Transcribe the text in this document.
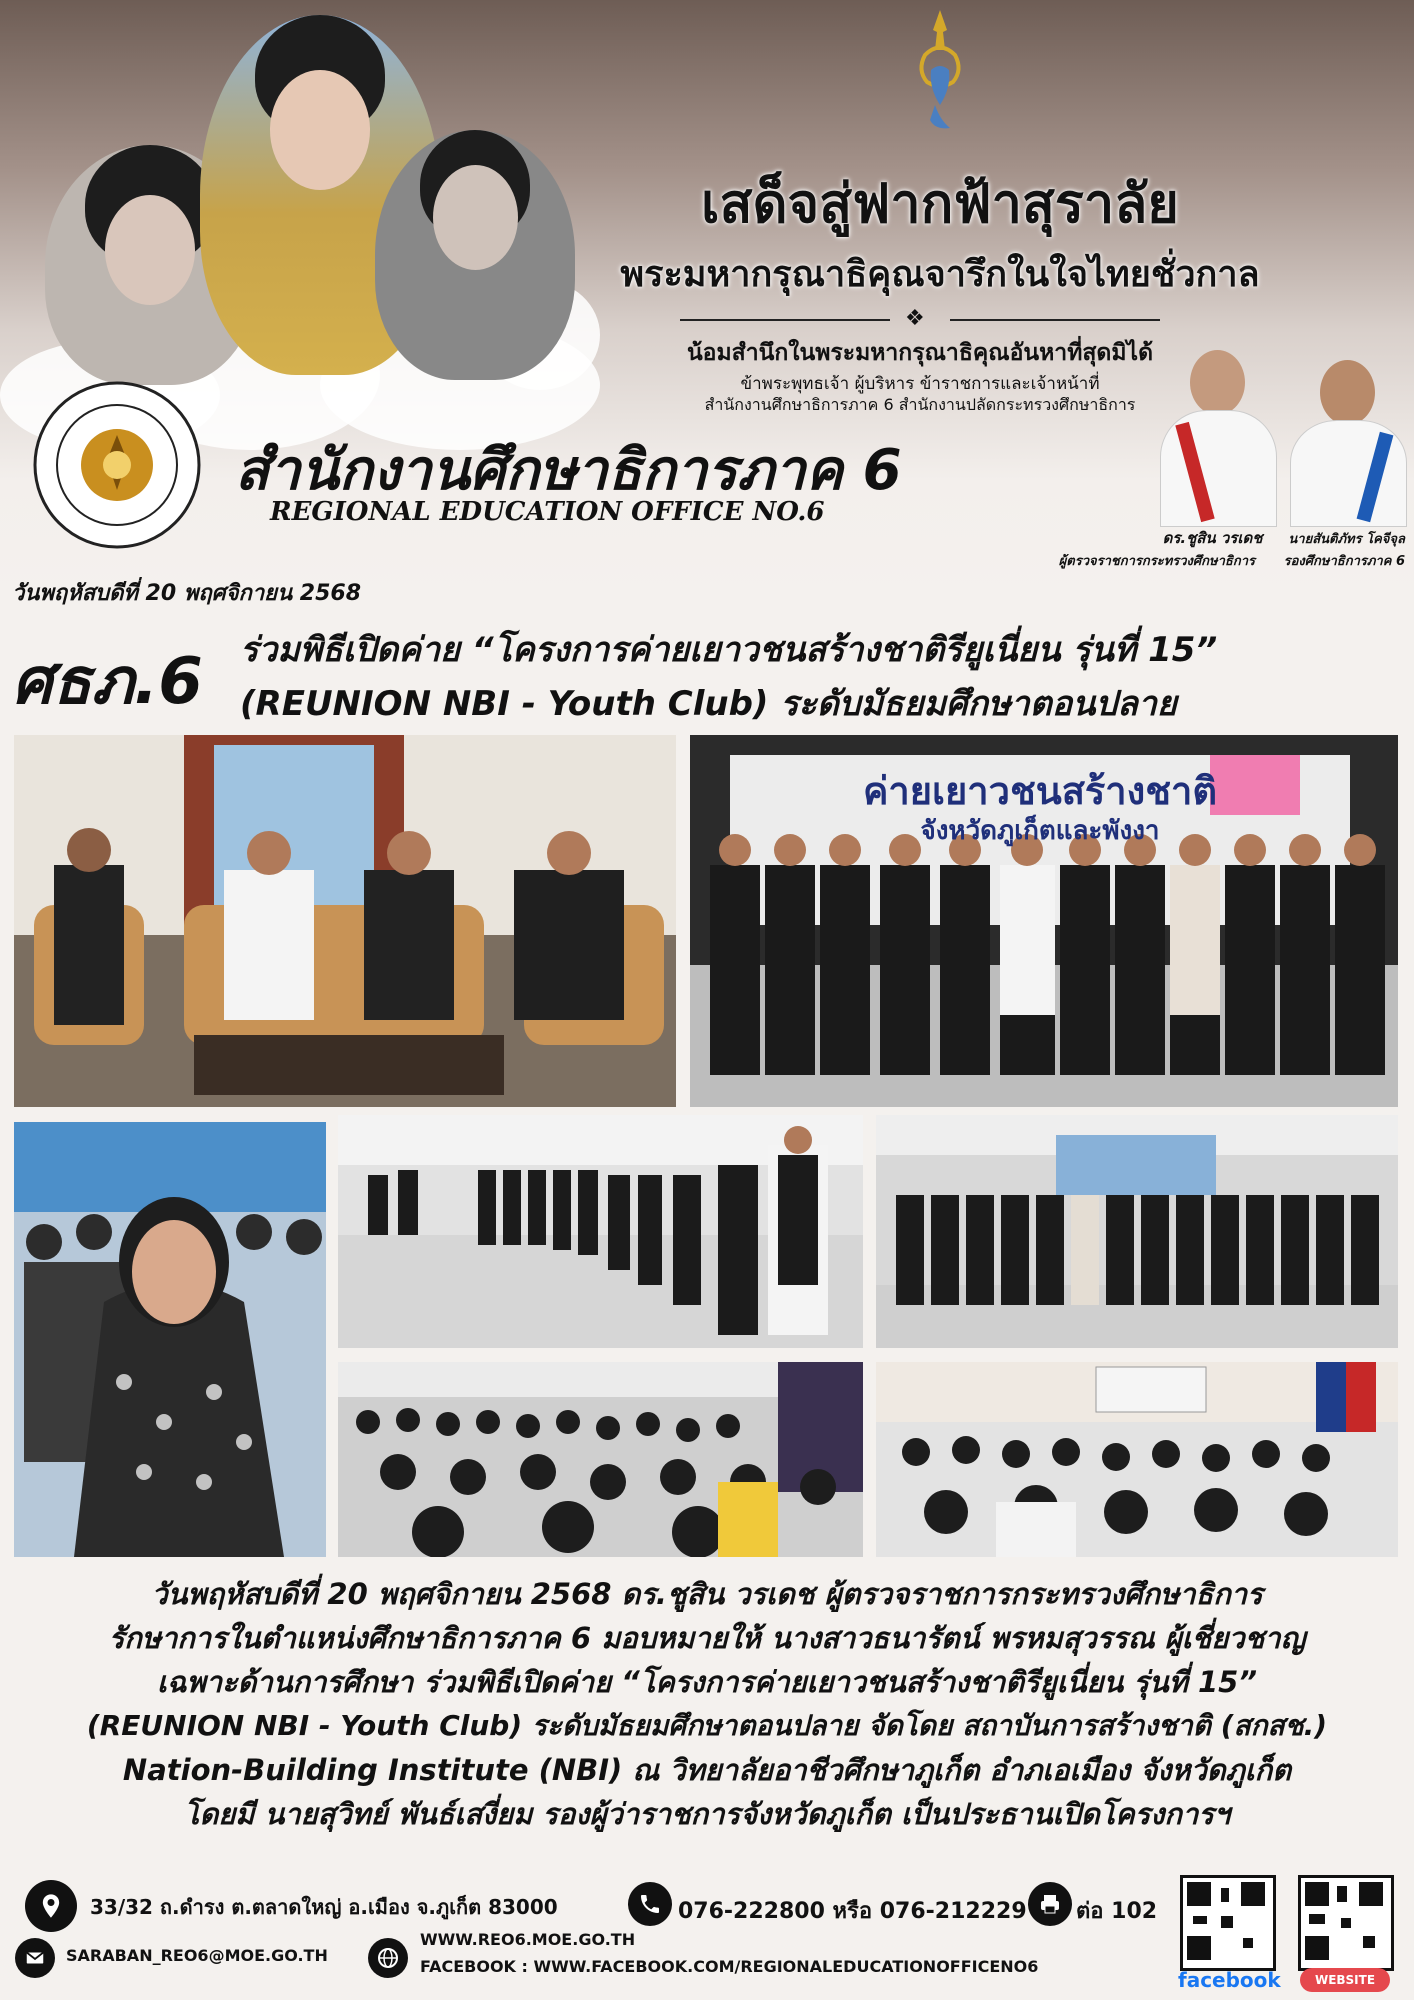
เสด็จสู่ฟากฟ้าสุราลัย
พระมหากรุณาธิคุณจารึกในใจไทยชั่วกาล
❖
น้อมสำนึกในพระมหากรุณาธิคุณอันหาที่สุดมิได้
ข้าพระพุทธเจ้า ผู้บริหาร ข้าราชการและเจ้าหน้าที่
สำนักงานศึกษาธิการภาค 6 สำนักงานปลัดกระทรวงศึกษาธิการ
สำนักงานศึกษาธิการภาค 6
REGIONAL EDUCATION OFFICE NO.6
ดร.ชูสิน วรเดช
ผู้ตรวจราชการกระทรวงศึกษาธิการ
นายสันติภัทร โคจีจุล
รองศึกษาธิการภาค 6
วันพฤหัสบดีที่ 20 พฤศจิกายน 2568
ศธภ.6	ร่วมพิธีเปิดค่าย “โครงการค่ายเยาวชนสร้างชาติรียูเนี่ยน รุ่นที่ 15”
(REUNION NBI - Youth Club) ระดับมัธยมศึกษาตอนปลาย
ค่ายเยาวชนสร้างชาติ
จังหวัดภูเก็ตและพังงา
วันพฤหัสบดีที่ 20 พฤศจิกายน 2568 ดร.ชูสิน วรเดช ผู้ตรวจราชการกระทรวงศึกษาธิการ
รักษาการในตำแหน่งศึกษาธิการภาค 6 มอบหมายให้ นางสาวธนารัตน์ พรหมสุวรรณ ผู้เชี่ยวชาญ
เฉพาะด้านการศึกษา ร่วมพิธีเปิดค่าย “โครงการค่ายเยาวชนสร้างชาติรียูเนี่ยน รุ่นที่ 15”
(REUNION NBI - Youth Club) ระดับมัธยมศึกษาตอนปลาย จัดโดย สถาบันการสร้างชาติ (สกสช.)
Nation-Building Institute (NBI) ณ วิทยาลัยอาชีวศึกษาภูเก็ต อำภเอเมือง จังหวัดภูเก็ต
โดยมี นายสุวิทย์ พันธ์เสงี่ยม รองผู้ว่าราชการจังหวัดภูเก็ต เป็นประธานเปิดโครงการฯ
33/32 ถ.ดำรง ต.ตลาดใหญ่ อ.เมือง จ.ภูเก็ต 83000	076-222800 หรือ 076-212229 ต่อ 102
SARABAN_REO6@MOE.GO.TH
WWW.REO6.MOE.GO.TH
FACEBOOK : WWW.FACEBOOK.COM/REGIONALEDUCATIONOFFICENO6
facebook	WEBSITE
